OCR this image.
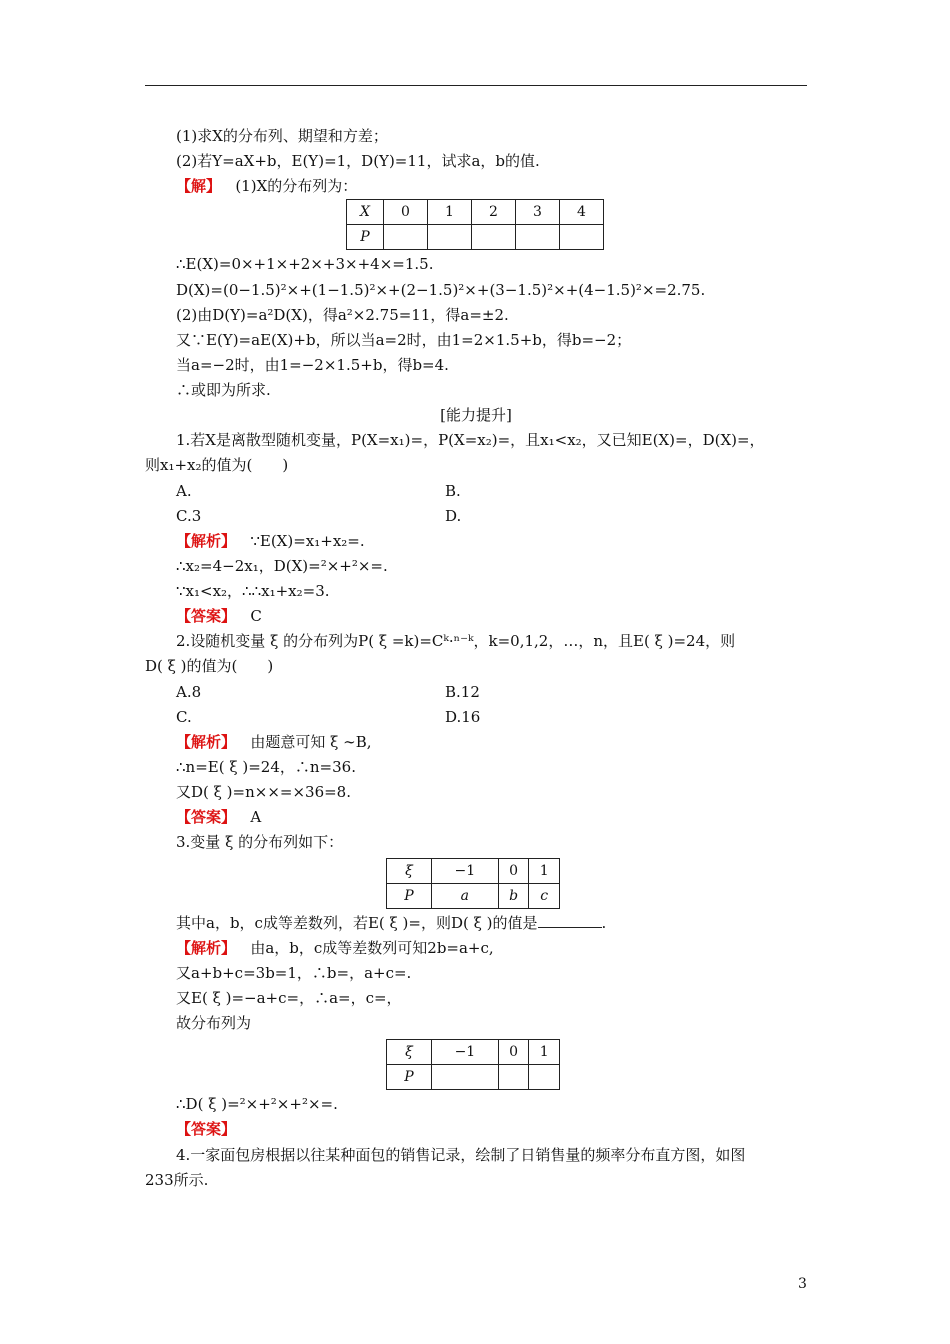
(1)求X的分布列、期望和方差；
(2)若Y=aX+b，E(Y)=1，D(Y)=11，试求a，b的值.
【解】 (1)X的分布列为：
X	0	1	2	3	4
P					
∴E(X)=0×+1×+2×+3×+4×=1.5.
D(X)=(0−1.5)²×+(1−1.5)²×+(2−1.5)²×+(3−1.5)²×+(4−1.5)²×=2.75.
(2)由D(Y)=a²D(X)，得a²×2.75=11，得a=±2.
又∵E(Y)=aE(X)+b，所以当a=2时，由1=2×1.5+b，得b=−2；
当a=−2时，由1=−2×1.5+b，得b=4.
∴或即为所求.
[能力提升]
1.若X是离散型随机变量，P(X=x₁)=，P(X=x₂)=，且x₁<x₂，又已知E(X)=，D(X)=，
则x₁+x₂的值为(　　)
A.	B.
C.3	D.
【解析】 ∵E(X)=x₁+x₂=.
∴x₂=4−2x₁，D(X)=²×+²×=.
∵x₁<x₂，∴∴x₁+x₂=3.
【答案】 C
2.设随机变量 ξ 的分布列为P( ξ =k)=Cᵏ·ⁿ⁻ᵏ，k=0,1,2，…，n，且E( ξ )=24，则
D( ξ )的值为(　　)
A.8	B.12
C.	D.16
【解析】 由题意可知 ξ ∼B,
∴n=E( ξ )=24，∴n=36.
又D( ξ )=n××=×36=8.
【答案】 A
3.变量 ξ 的分布列如下：
ξ	−1	0	1
P	a	b	c
其中a，b，c成等差数列，若E( ξ )=，则D( ξ )的值是	.
【解析】 由a，b，c成等差数列可知2b=a+c,
又a+b+c=3b=1，∴b=，a+c=.
又E( ξ )=−a+c=，∴a=，c=，
故分布列为
ξ	−1	0	1
P			
∴D( ξ )=²×+²×+²×=.
【答案】
4.一家面包房根据以往某种面包的销售记录，绘制了日销售量的频率分布直方图，如图
233所示.
3
